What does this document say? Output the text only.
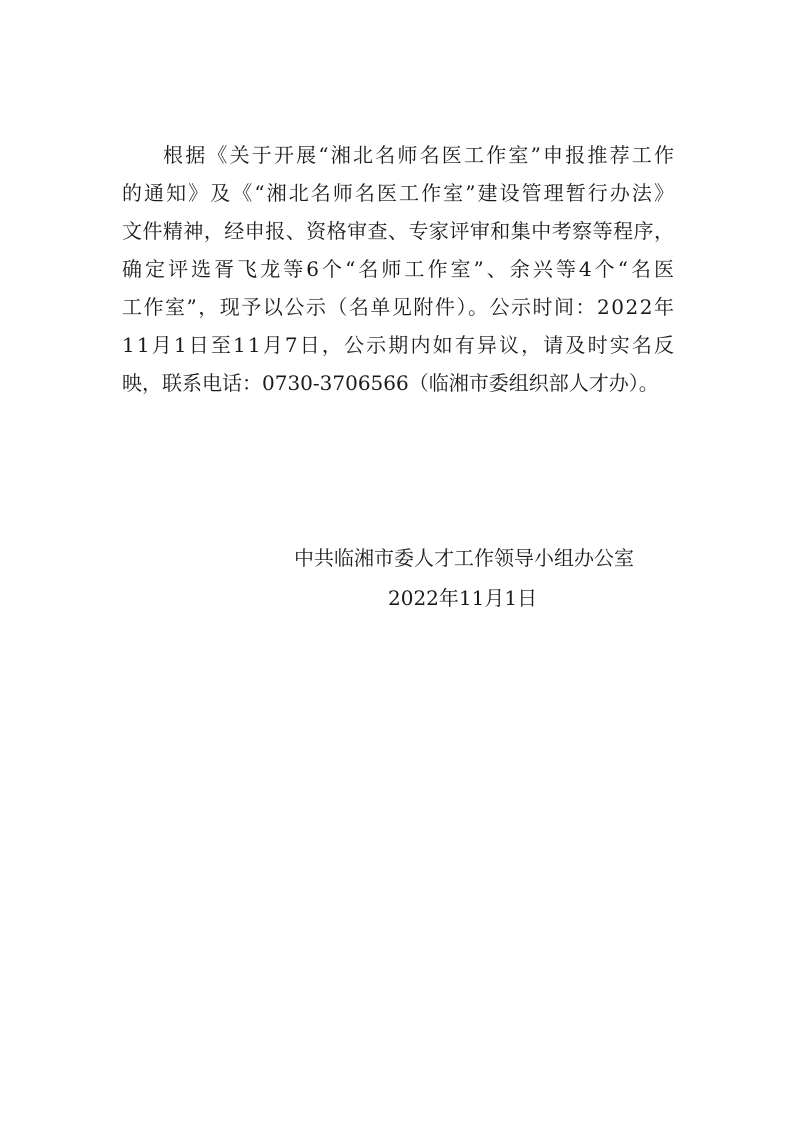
根据《关于开展“湘北名师名医工作室”申报推荐工作
的通知》及《“湘北名师名医工作室”建设管理暂行办法》
文件精神，经申报、资格审查、专家评审和集中考察等程序，
确定评选胥飞龙等6个“名师工作室”、余兴等4个“名医
工作室”，现予以公示（名单见附件）。公示时间：2022年
11月1日至11月7日，公示期内如有异议，请及时实名反
映，联系电话：0730-3706566（临湘市委组织部人才办）。
中共临湘市委人才工作领导小组办公室
2022年11月1日
